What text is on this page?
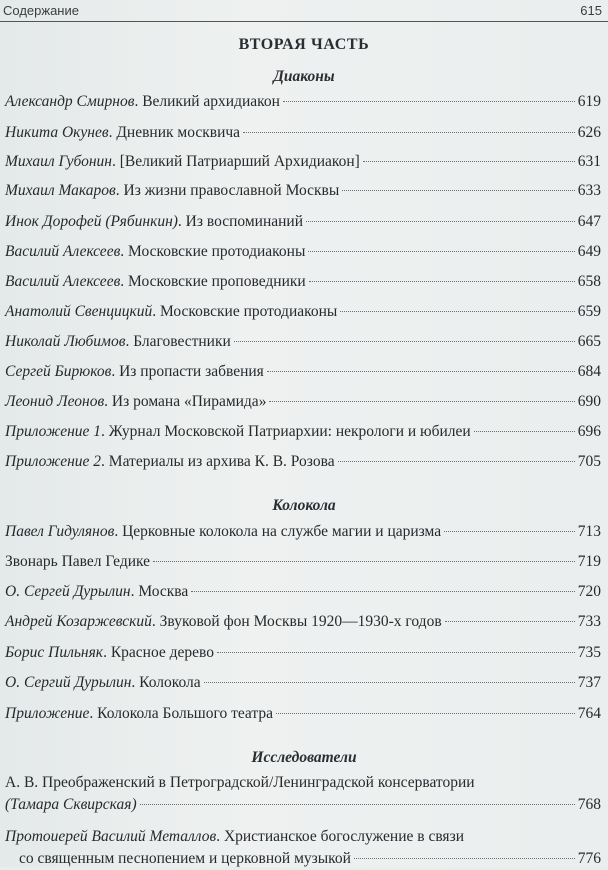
Содержание	615
ВТОРАЯ ЧАСТЬ
Диаконы
Александр Смирнов . Великий архидиакон	619
Никита Окунев . Дневник москвича	626
Михаил Губонин . [Великий Патриарший Архидиакон]	631
Михаил Макаров . Из жизни православной Москвы	633
Инок Дорофей (Рябинкин) . Из воспоминаний	647
Василий Алексеев . Московские протодиаконы	649
Василий Алексеев . Московские проповедники	658
Анатолий Свенцицкий . Московские протодиаконы	659
Николай Любимов . Благовестники	665
Сергей Бирюков . Из пропасти забвения	684
Леонид Леонов . Из романа «Пирамида»	690
Приложение 1 . Журнал Московской Патриархии: некрологи и юбилеи	696
Приложение 2 . Материалы из архива К. В. Розова	705
Колокола
Павел Гидулянов . Церковные колокола на службе магии и царизма	713
Звонарь Павел Гедике	719
О. Сергей Дурылин . Москва	720
Андрей Козаржевский . Звуковой фон Москвы 1920—1930-х годов	733
Борис Пильняк . Красное дерево	735
О. Сергий Дурылин . Колокола	737
Приложение . Колокола Большого театра	764
Исследователи
А. В. Преображенский в Петроградской/Ленинградской консерватории
(Тамара Сквирская)	768
Протоиерей Василий Металлов. Христианское богослужение в связи
со священным песнопением и церковной музыкой	776
